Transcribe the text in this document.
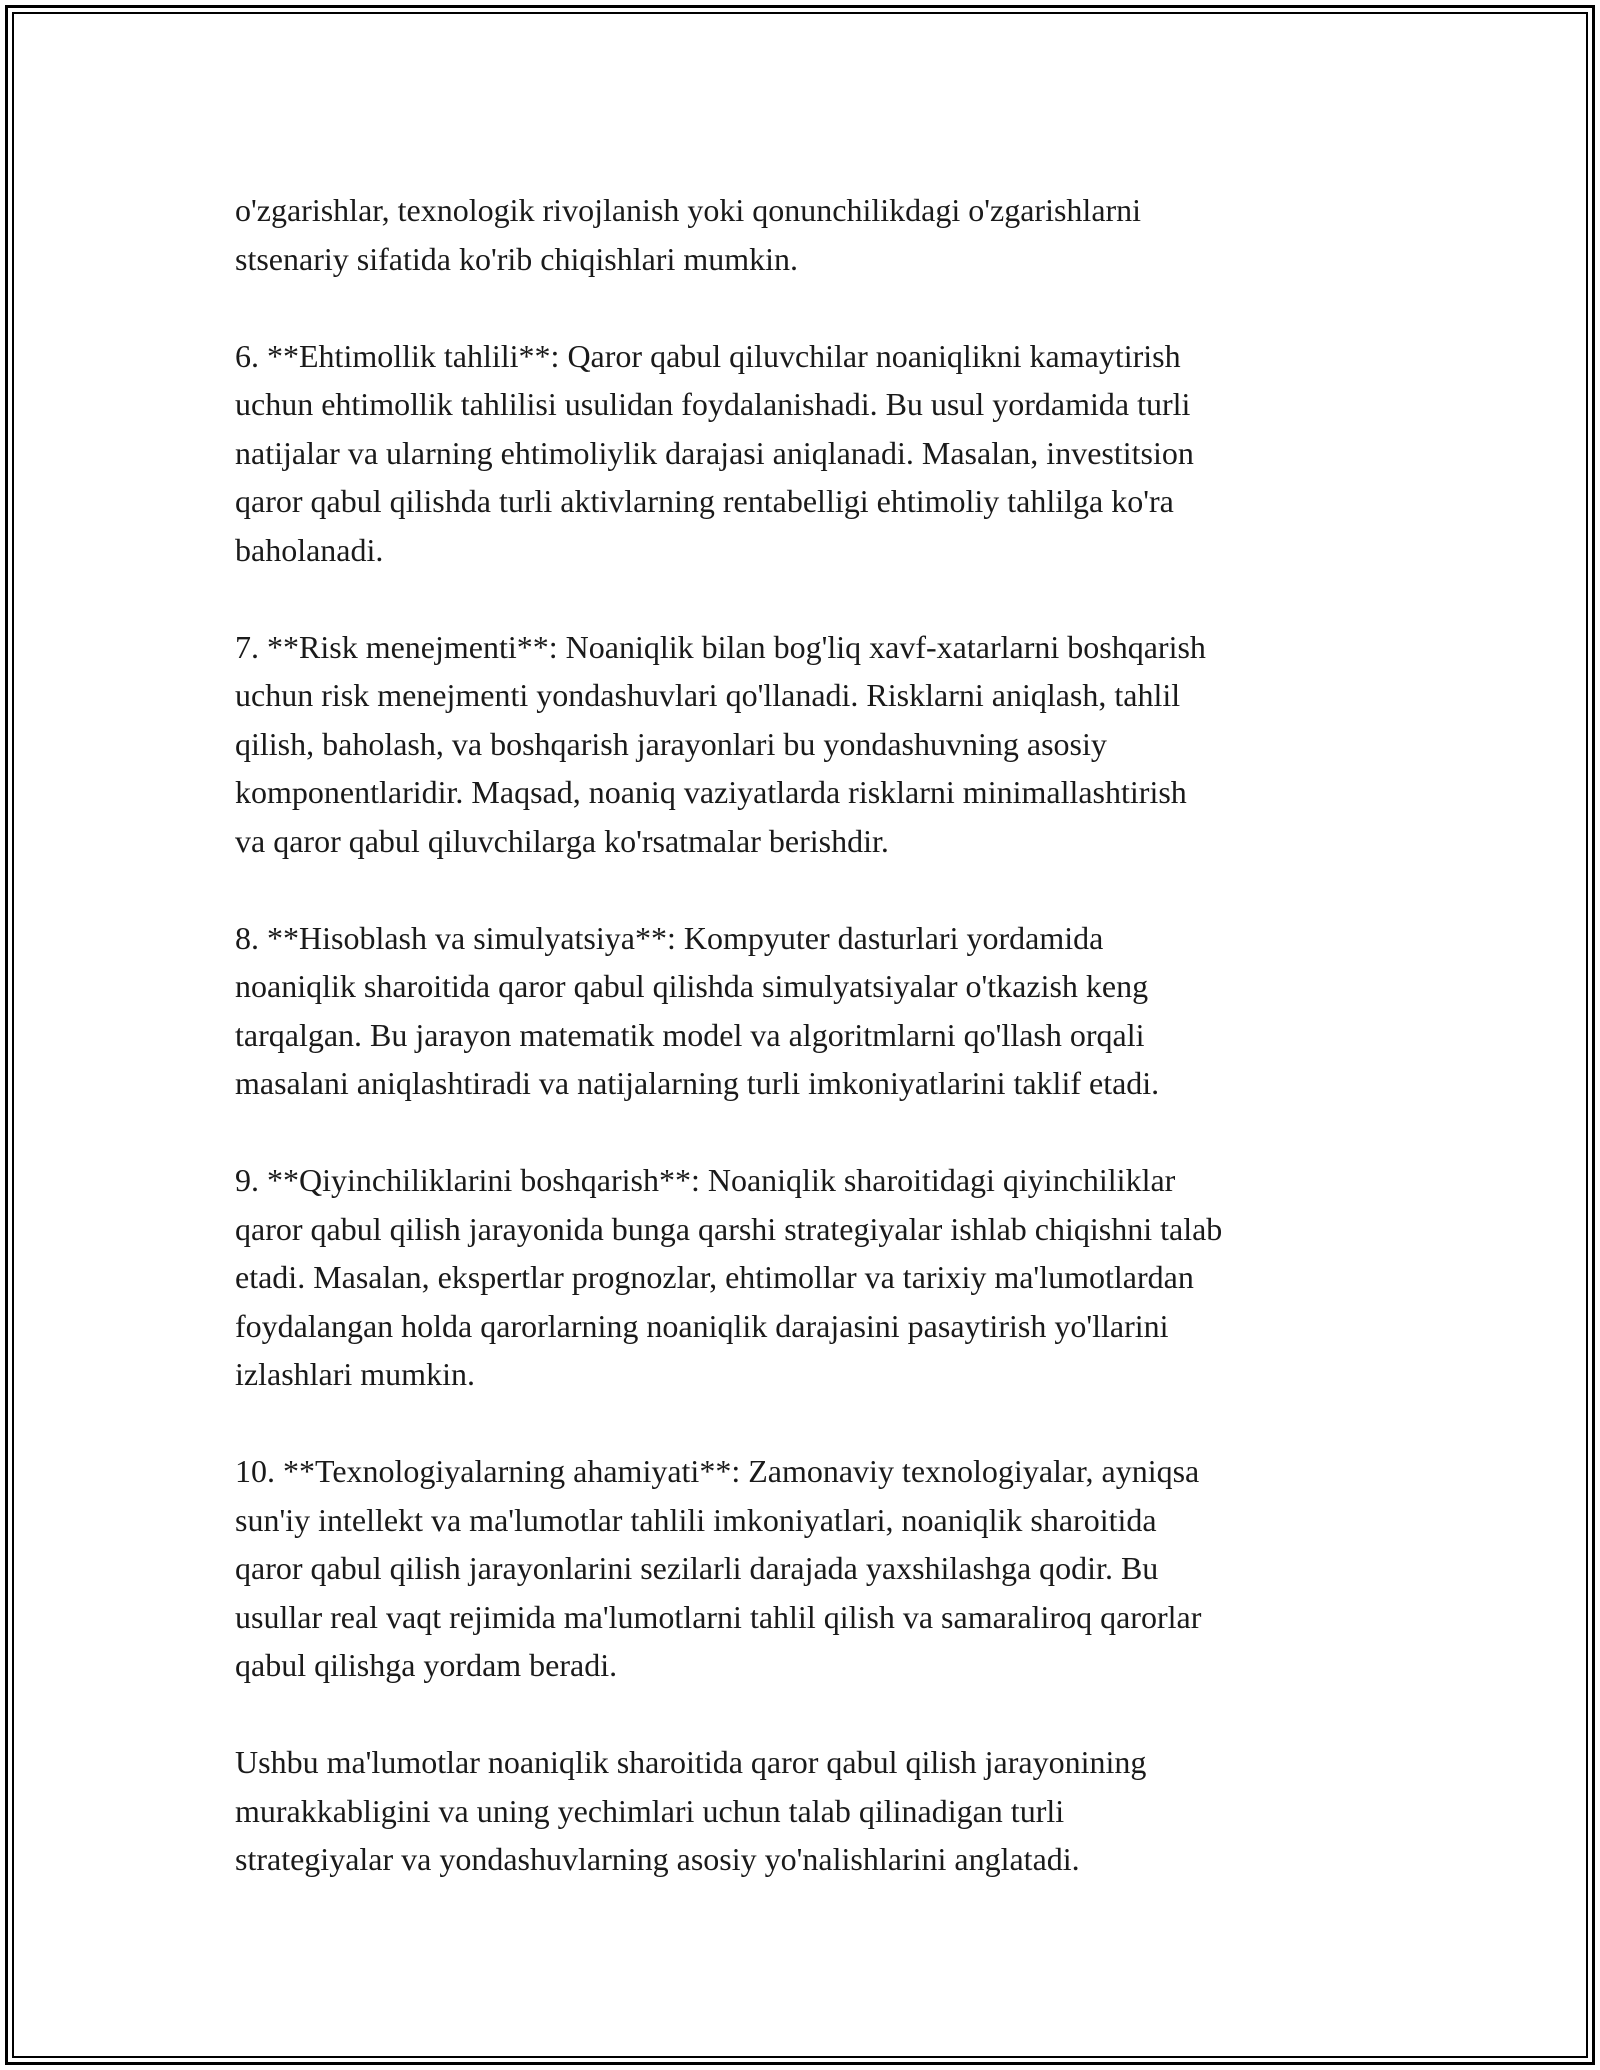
o'zgarishlar, texnologik rivojlanish yoki qonunchilikdagi o'zgarishlarni
stsenariy sifatida ko'rib chiqishlari mumkin.

6. **Ehtimollik tahlili**: Qaror qabul qiluvchilar noaniqlikni kamaytirish
uchun ehtimollik tahlilisi usulidan foydalanishadi. Bu usul yordamida turli
natijalar va ularning ehtimoliylik darajasi aniqlanadi. Masalan, investitsion
qaror qabul qilishda turli aktivlarning rentabelligi ehtimoliy tahlilga ko'ra
baholanadi.

7. **Risk menejmenti**: Noaniqlik bilan bog'liq xavf-xatarlarni boshqarish
uchun risk menejmenti yondashuvlari qo'llanadi. Risklarni aniqlash, tahlil
qilish, baholash, va boshqarish jarayonlari bu yondashuvning asosiy
komponentlaridir. Maqsad, noaniq vaziyatlarda risklarni minimallashtirish
va qaror qabul qiluvchilarga ko'rsatmalar berishdir.

8. **Hisoblash va simulyatsiya**: Kompyuter dasturlari yordamida
noaniqlik sharoitida qaror qabul qilishda simulyatsiyalar o'tkazish keng
tarqalgan. Bu jarayon matematik model va algoritmlarni qo'llash orqali
masalani aniqlashtiradi va natijalarning turli imkoniyatlarini taklif etadi.

9. **Qiyinchiliklarini boshqarish**: Noaniqlik sharoitidagi qiyinchiliklar
qaror qabul qilish jarayonida bunga qarshi strategiyalar ishlab chiqishni talab
etadi. Masalan, ekspertlar prognozlar, ehtimollar va tarixiy ma'lumotlardan
foydalangan holda qarorlarning noaniqlik darajasini pasaytirish yo'llarini
izlashlari mumkin.

10. **Texnologiyalarning ahamiyati**: Zamonaviy texnologiyalar, ayniqsa
sun'iy intellekt va ma'lumotlar tahlili imkoniyatlari, noaniqlik sharoitida
qaror qabul qilish jarayonlarini sezilarli darajada yaxshilashga qodir. Bu
usullar real vaqt rejimida ma'lumotlarni tahlil qilish va samaraliroq qarorlar
qabul qilishga yordam beradi.

Ushbu ma'lumotlar noaniqlik sharoitida qaror qabul qilish jarayonining
murakkabligini va uning yechimlari uchun talab qilinadigan turli
strategiyalar va yondashuvlarning asosiy yo'nalishlarini anglatadi.
